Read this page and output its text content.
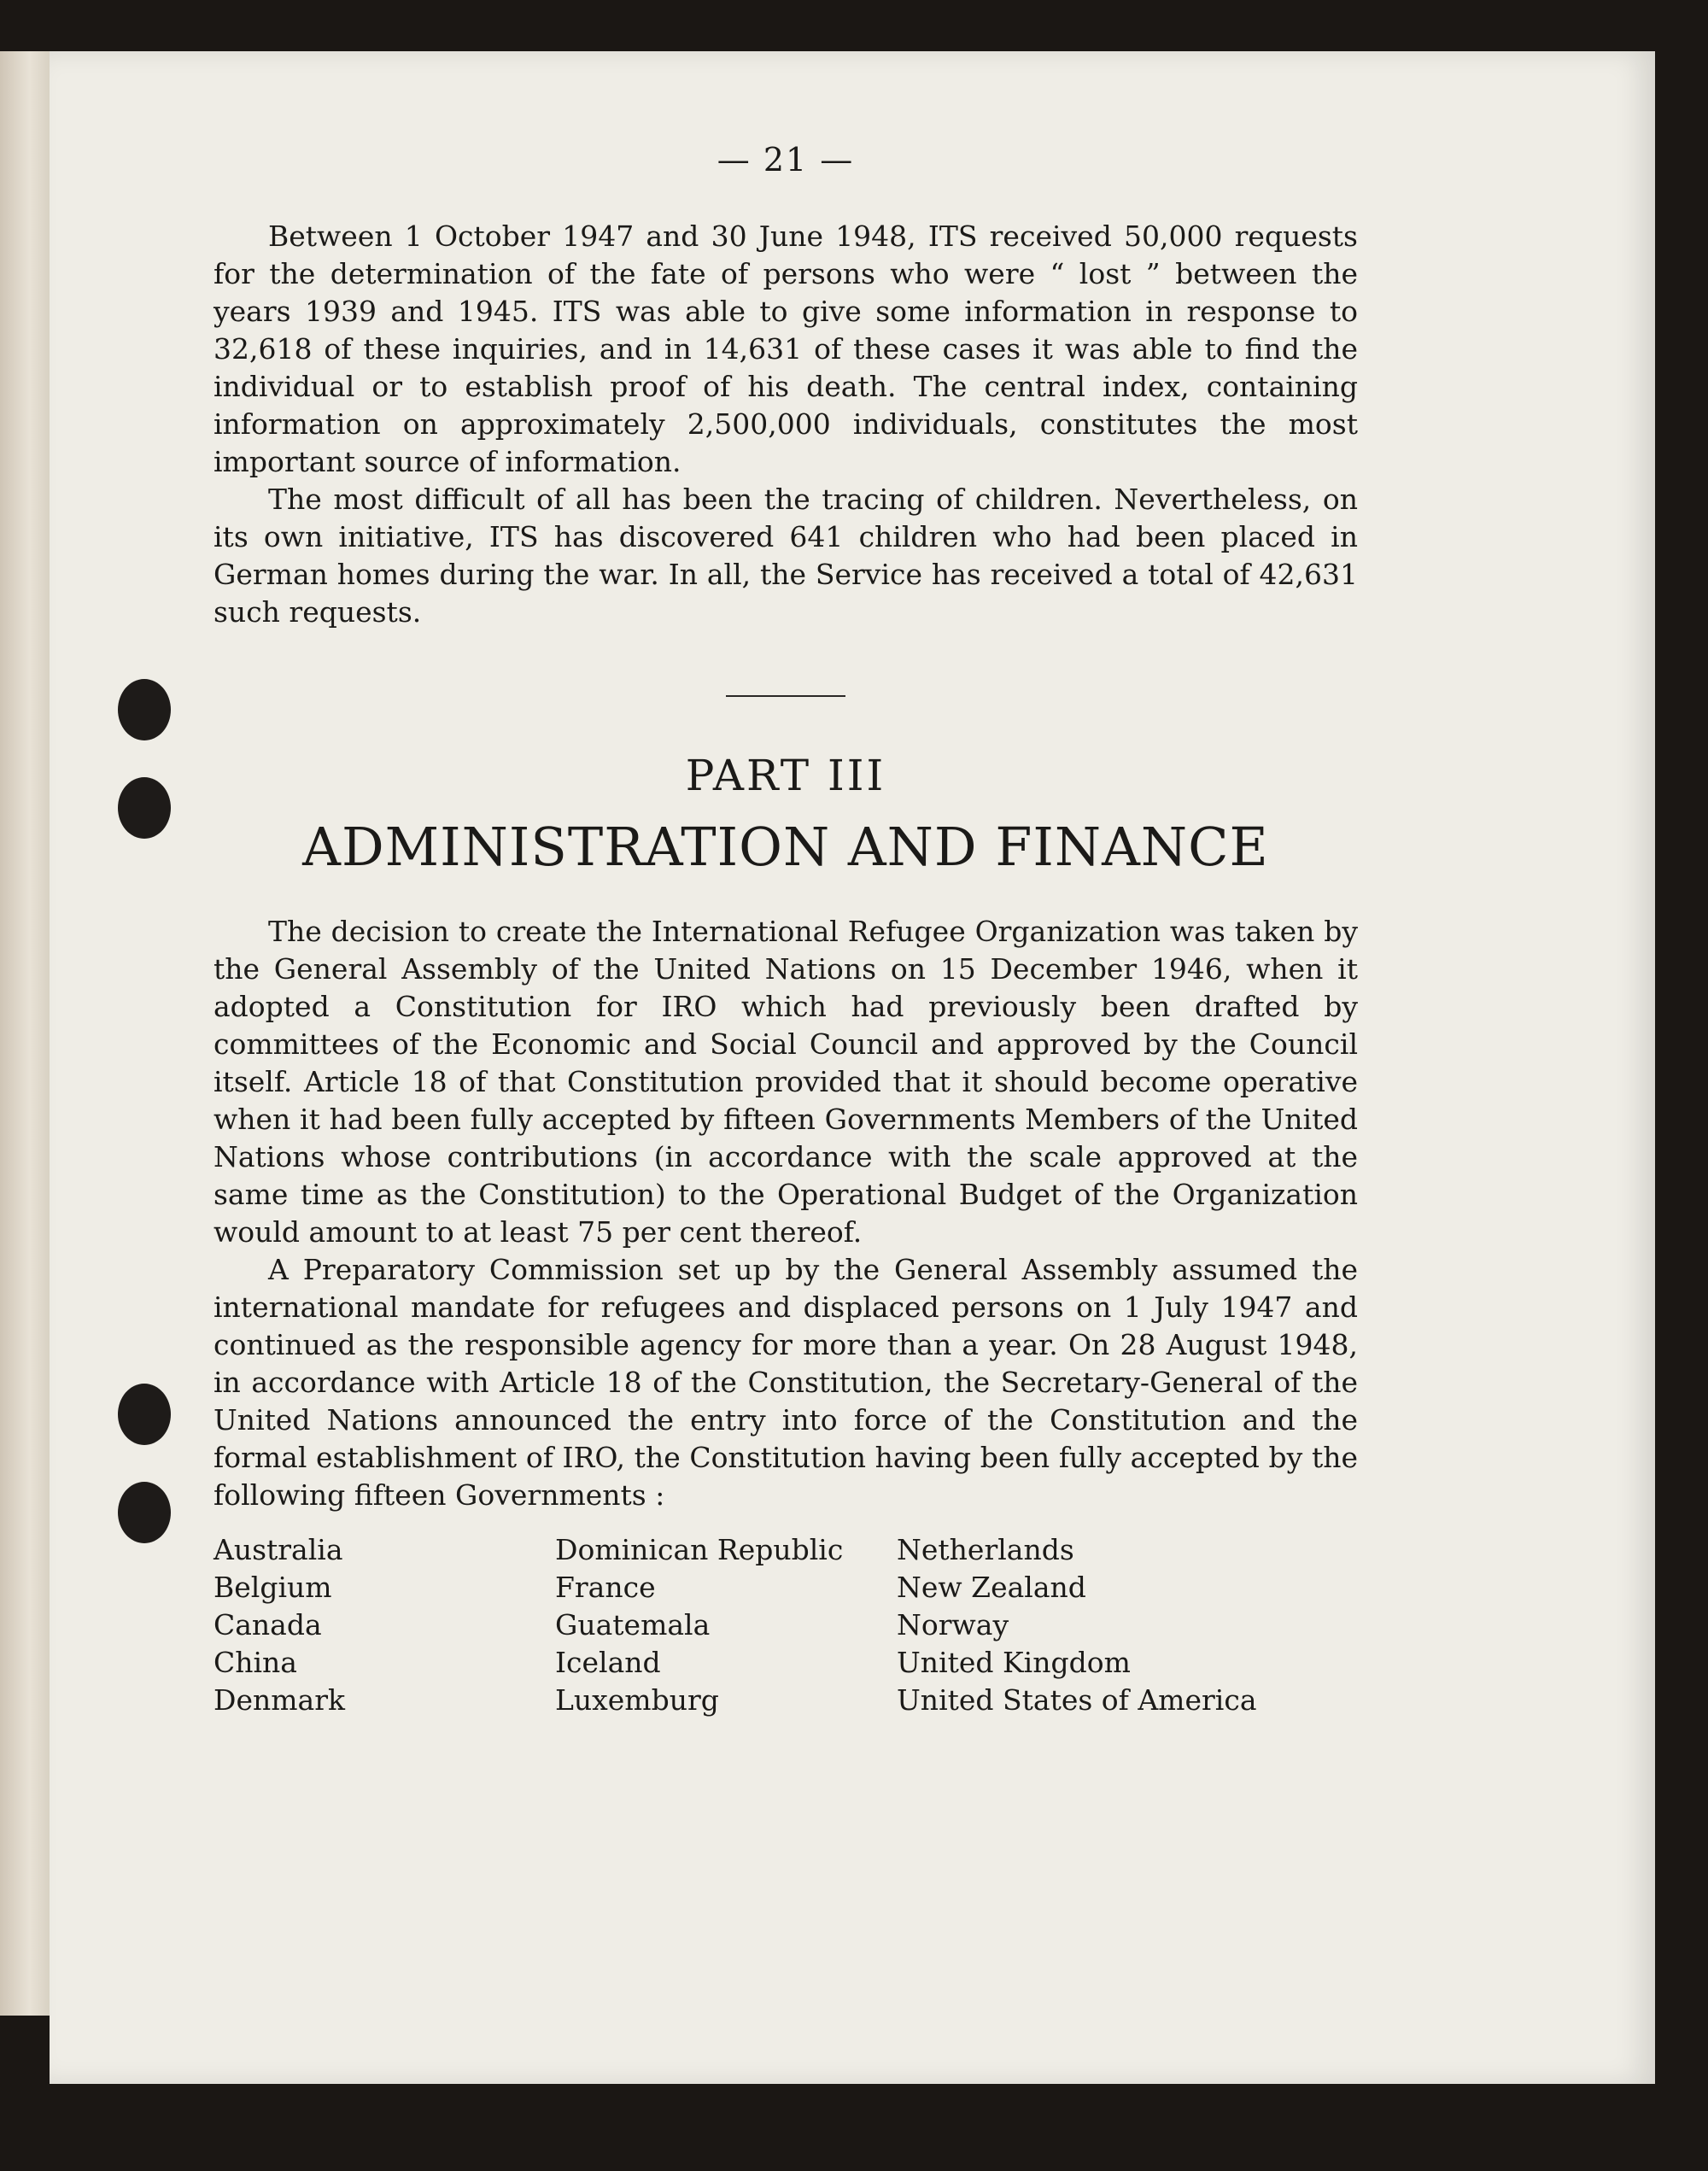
— 21 —

Between 1 October 1947 and 30 June 1948, ITS received 50,000 requests for the determination of the fate of persons who were “ lost ” between the years 1939 and 1945. ITS was able to give some information in response to 32,618 of these inquiries, and in 14,631 of these cases it was able to find the individual or to establish proof of his death. The central index, containing information on approximately 2,500,000 individuals, constitutes the most important source of information.

The most difficult of all has been the tracing of children. Nevertheless, on its own initiative, ITS has discovered 641 children who had been placed in German homes during the war. In all, the Service has received a total of 42,631 such requests.

PART III
ADMINISTRATION AND FINANCE

The decision to create the International Refugee Organization was taken by the General Assembly of the United Nations on 15 December 1946, when it adopted a Constitution for IRO which had previously been drafted by committees of the Economic and Social Council and approved by the Council itself. Article 18 of that Constitution provided that it should become operative when it had been fully accepted by fifteen Governments Members of the United Nations whose contributions (in accordance with the scale approved at the same time as the Constitution) to the Operational Budget of the Organization would amount to at least 75 per cent thereof.

A Preparatory Commission set up by the General Assembly assumed the international mandate for refugees and displaced persons on 1 July 1947 and continued as the responsible agency for more than a year. On 28 August 1948, in accordance with Article 18 of the Constitution, the Secretary-General of the United Nations announced the entry into force of the Constitution and the formal establishment of IRO, the Constitution having been fully accepted by the following fifteen Governments :

Australia
Belgium
Canada
China
Denmark
Dominican Republic
France
Guatemala
Iceland
Luxemburg
Netherlands
New Zealand
Norway
United Kingdom
United States of America
